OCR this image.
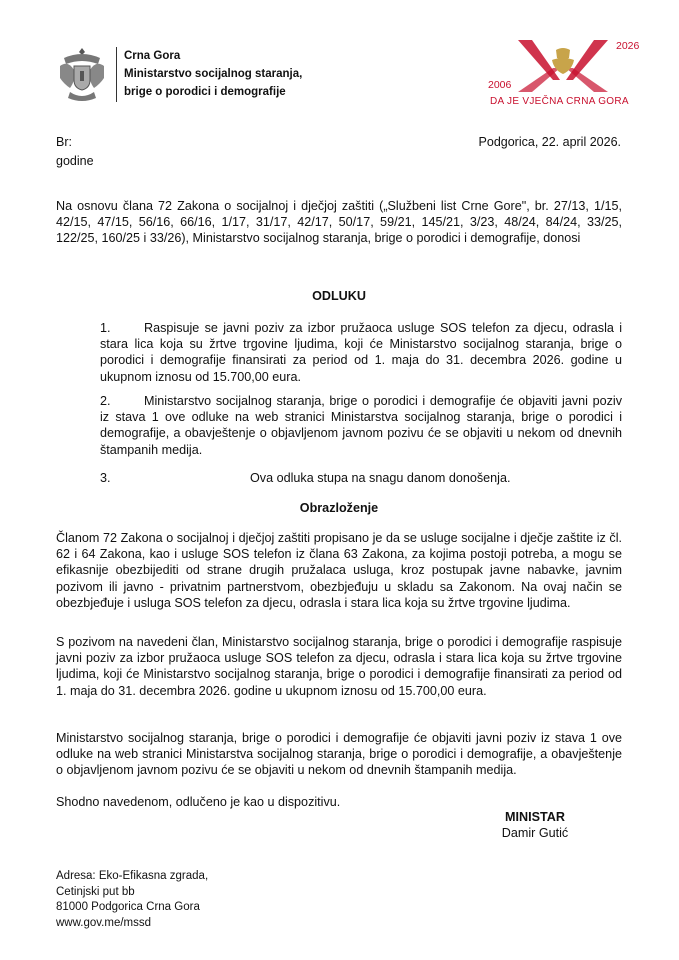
Crna Gora
Ministarstvo socijalnog staranja,
brige o porodici i demografije
2006
2026
DA JE VJEČNA CRNA GORA
Br:
godine
Podgorica, 22. april 2026.
Na osnovu člana 72 Zakona o socijalnoj i dječjoj zaštiti („Službeni list Crne Gore", br. 27/13, 1/15, 42/15, 47/15, 56/16, 66/16, 1/17, 31/17, 42/17, 50/17, 59/21, 145/21, 3/23, 48/24, 84/24, 33/25, 122/25, 160/25 i 33/26), Ministarstvo socijalnog staranja, brige o porodici i demografije, donosi
ODLUKU
1.	Raspisuje se javni poziv za izbor pružaoca usluge SOS telefon za djecu, odrasla i stara lica koja su žrtve trgovine ljudima, koji će Ministarstvo socijalnog staranja, brige o porodici i demografije finansirati za period od 1. maja do 31. decembra 2026. godine u ukupnom iznosu od 15.700,00 eura.
2.	Ministarstvo socijalnog staranja, brige o porodici i demografije će objaviti javni poziv iz stava 1 ove odluke na web stranici Ministarstva socijalnog staranja, brige o porodici i demografije, a obavještenje o objavljenom javnom pozivu će se objaviti u nekom od dnevnih štampanih medija.
3.	Ova odluka stupa na snagu danom donošenja.
Obrazloženje
Članom 72 Zakona o socijalnoj i dječjoj zaštiti propisano je da se usluge socijalne i dječje zaštite iz čl. 62 i 64 Zakona, kao i usluge SOS telefon iz člana 63 Zakona, za kojima postoji potreba, a mogu se efikasnije obezbijediti od strane drugih pružalaca usluga, kroz postupak javne nabavke, javnim pozivom ili javno - privatnim partnerstvom, obezbjeđuju u skladu sa Zakonom. Na ovaj način se obezbjeđuje i usluga SOS telefon za djecu, odrasla i stara lica koja su žrtve trgovine ljudima.
S pozivom na navedeni član, Ministarstvo socijalnog staranja, brige o porodici i demografije raspisuje javni poziv za izbor pružaoca usluge SOS telefon za djecu, odrasla i stara lica koja su žrtve trgovine ljudima, koji će Ministarstvo socijalnog staranja, brige o porodici i demografije finansirati za period od 1. maja do 31. decembra 2026. godine u ukupnom iznosu od 15.700,00 eura.
Ministarstvo socijalnog staranja, brige o porodici i demografije će objaviti javni poziv iz stava 1 ove odluke na web stranici Ministarstva socijalnog staranja, brige o porodici i demografije, a obavještenje o objavljenom javnom pozivu će se objaviti u nekom od dnevnih štampanih medija.
Shodno navedenom, odlučeno je kao u dispozitivu.
MINISTAR
Damir Gutić
Adresa: Eko-Efikasna zgrada,
Cetinjski put bb
81000 Podgorica Crna Gora
www.gov.me/mssd
